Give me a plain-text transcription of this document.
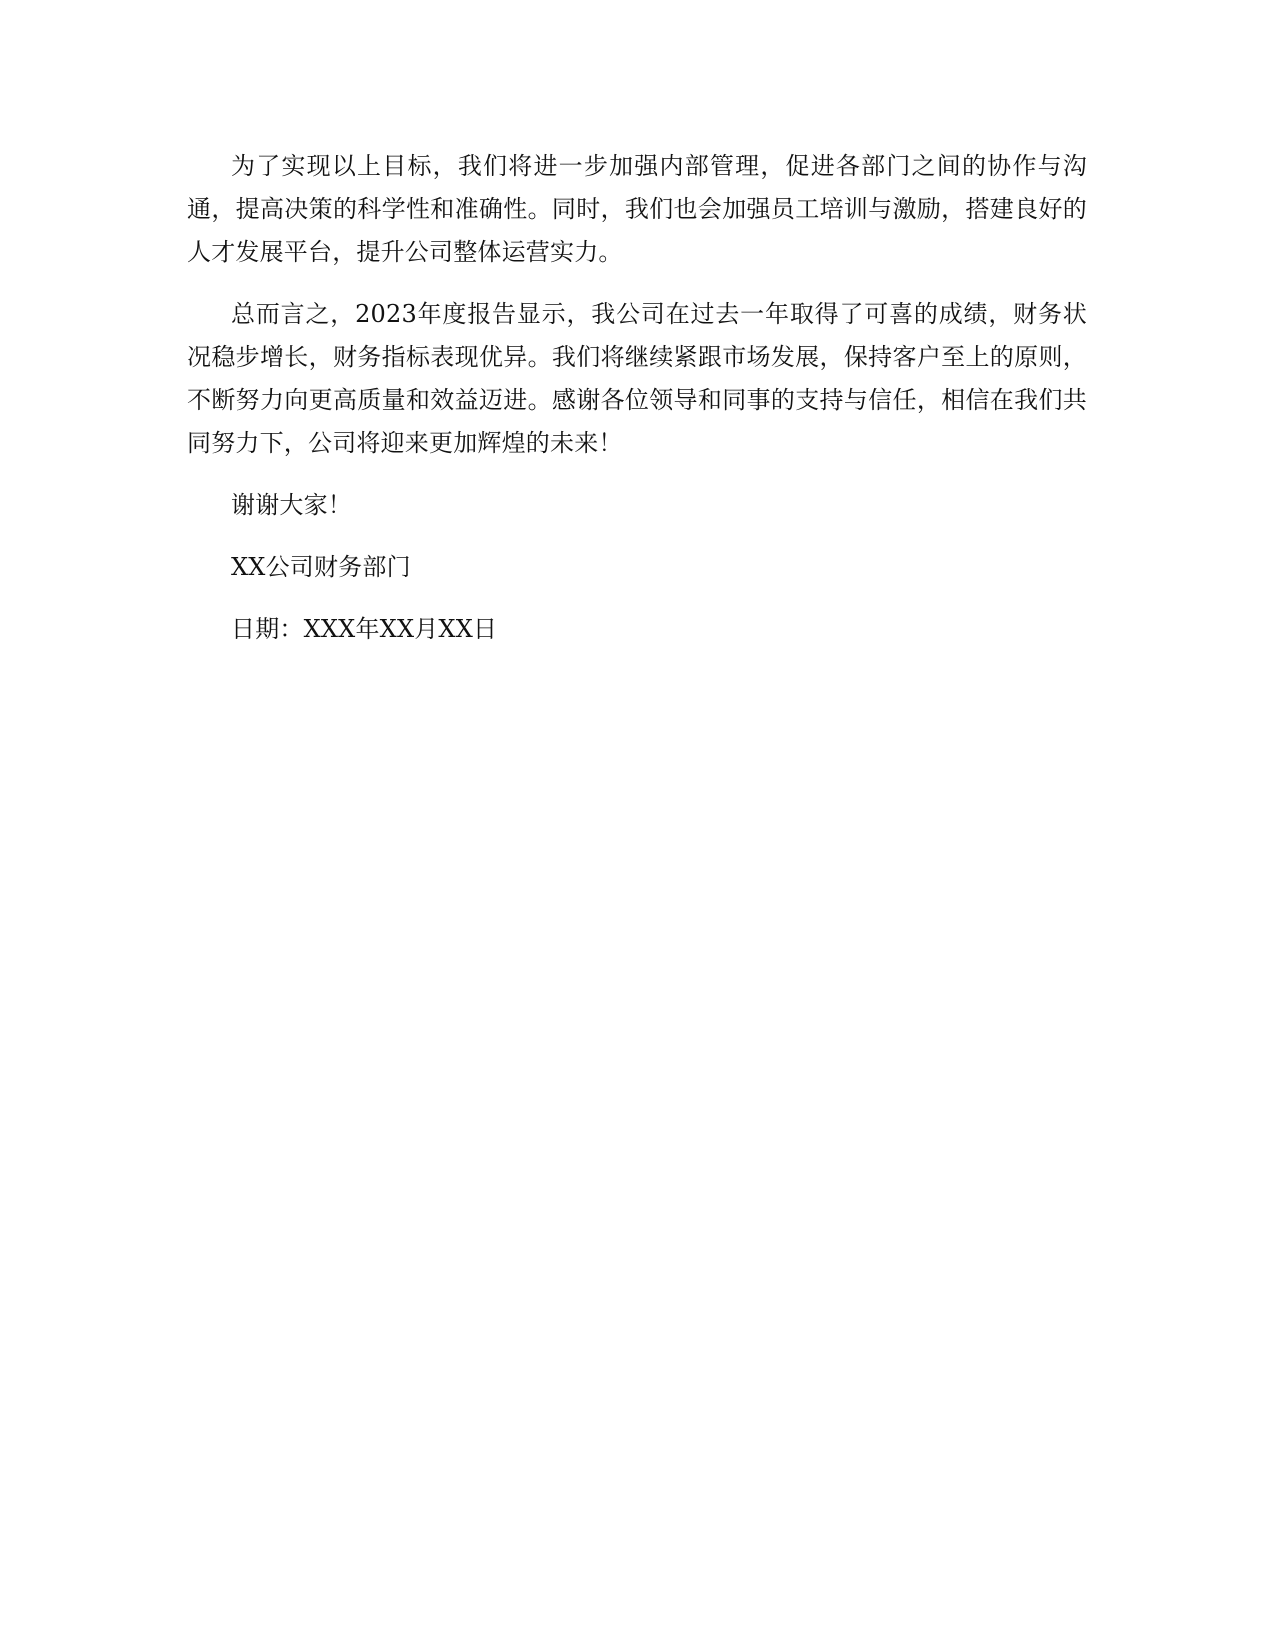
为了实现以上目标，我们将进一步加强内部管理，促进各部门之间的协作与沟通，提高决策的科学性和准确性。同时，我们也会加强员工培训与激励，搭建良好的人才发展平台，提升公司整体运营实力。

总而言之，2023年度报告显示，我公司在过去一年取得了可喜的成绩，财务状况稳步增长，财务指标表现优异。我们将继续紧跟市场发展，保持客户至上的原则，不断努力向更高质量和效益迈进。感谢各位领导和同事的支持与信任，相信在我们共同努力下，公司将迎来更加辉煌的未来！

谢谢大家！

XX公司财务部门

日期：XXX年XX月XX日
